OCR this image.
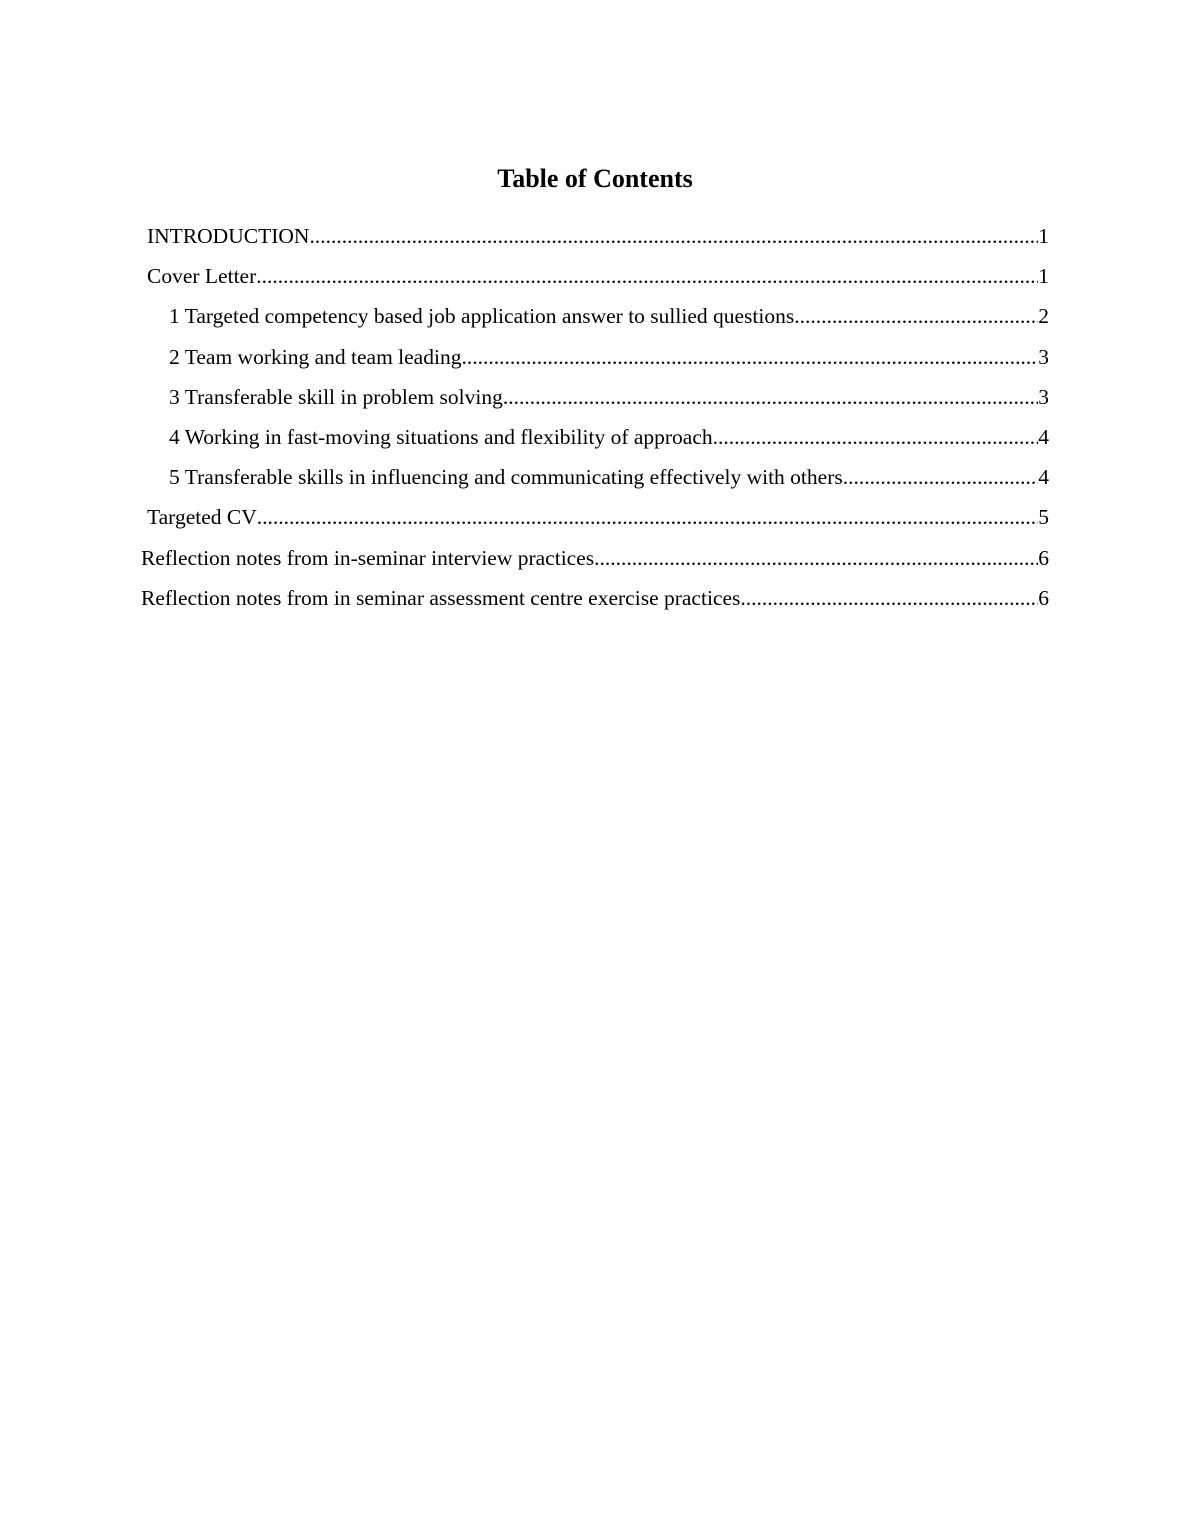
Table of Contents
INTRODUCTION .....	1
Cover Letter .....	1
1 Targeted competency based job application answer to sullied questions .....	2
2 Team working and team leading .....	3
3 Transferable skill in problem solving .....	3
4 Working in fast-moving situations and flexibility of approach .....	4
5 Transferable skills in influencing and communicating effectively with others .....	4
Targeted CV .....	5
Reflection notes from in-seminar interview practices .....	6
Reflection notes from in seminar assessment centre exercise practices .....	6
